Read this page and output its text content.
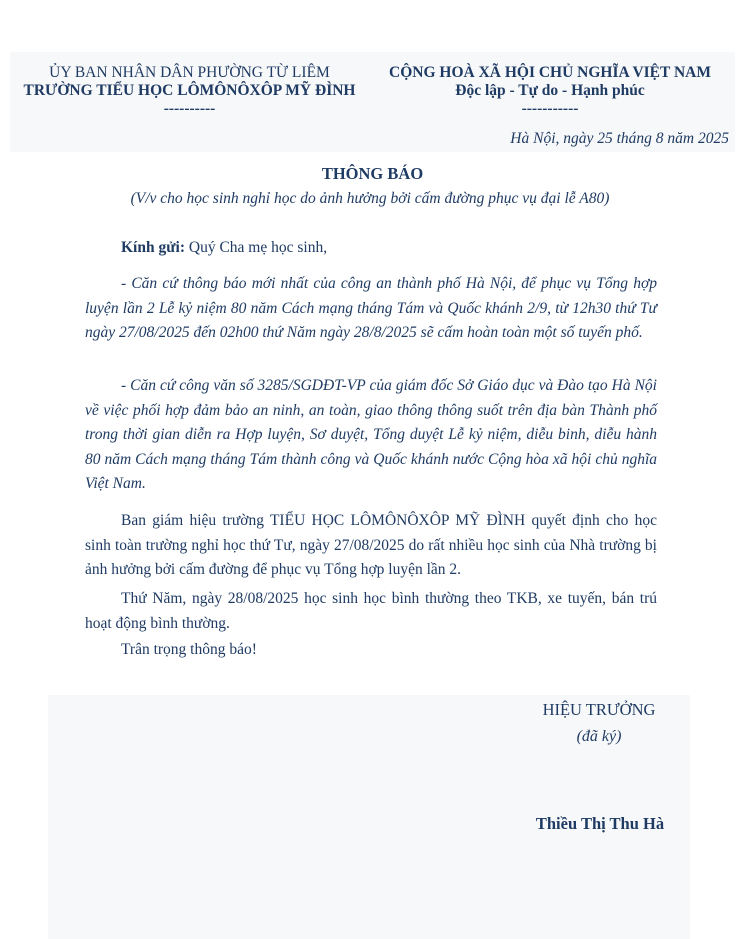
ỦY BAN NHÂN DÂN PHƯỜNG TỪ LIÊM
TRƯỜNG TIỂU HỌC LÔMÔNÔXÔP MỸ ĐÌNH
----------
CỘNG HOÀ XÃ HỘI CHỦ NGHĨA VIỆT NAM
Độc lập - Tự do - Hạnh phúc
-----------
Hà Nội, ngày 25 tháng 8 năm 2025
THÔNG BÁO
(V/v cho học sinh nghỉ học do ảnh hưởng bởi cấm đường phục vụ đại lễ A80)
Kính gửi: Quý Cha mẹ học sinh,
- Căn cứ thông báo mới nhất của công an thành phố Hà Nội, để phục vụ Tổng hợp luyện lần 2 Lễ kỷ niệm 80 năm Cách mạng tháng Tám và Quốc khánh 2/9, từ 12h30 thứ Tư ngày 27/08/2025 đến 02h00 thứ Năm ngày 28/8/2025 sẽ cấm hoàn toàn một số tuyến phố.
- Căn cứ công văn số 3285/SGDĐT-VP của giám đốc Sở Giáo dục và Đào tạo Hà Nội về việc phối hợp đảm bảo an ninh, an toàn, giao thông thông suốt trên địa bàn Thành phố trong thời gian diễn ra Hợp luyện, Sơ duyệt, Tổng duyệt Lễ kỷ niệm, diễu binh, diễu hành 80 năm Cách mạng tháng Tám thành công và Quốc khánh nước Cộng hòa xã hội chủ nghĩa Việt Nam.
Ban giám hiệu trường TIỂU HỌC LÔMÔNÔXÔP MỸ ĐÌNH quyết định cho học sinh toàn trường nghỉ học thứ Tư, ngày 27/08/2025 do rất nhiều học sinh của Nhà trường bị ảnh hưởng bởi cấm đường để phục vụ Tổng hợp luyện lần 2.
Thứ Năm, ngày 28/08/2025 học sinh học bình thường theo TKB, xe tuyến, bán trú hoạt động bình thường.
Trân trọng thông báo!
HIỆU TRƯỞNG
(đã ký)
Thiều Thị Thu Hà
